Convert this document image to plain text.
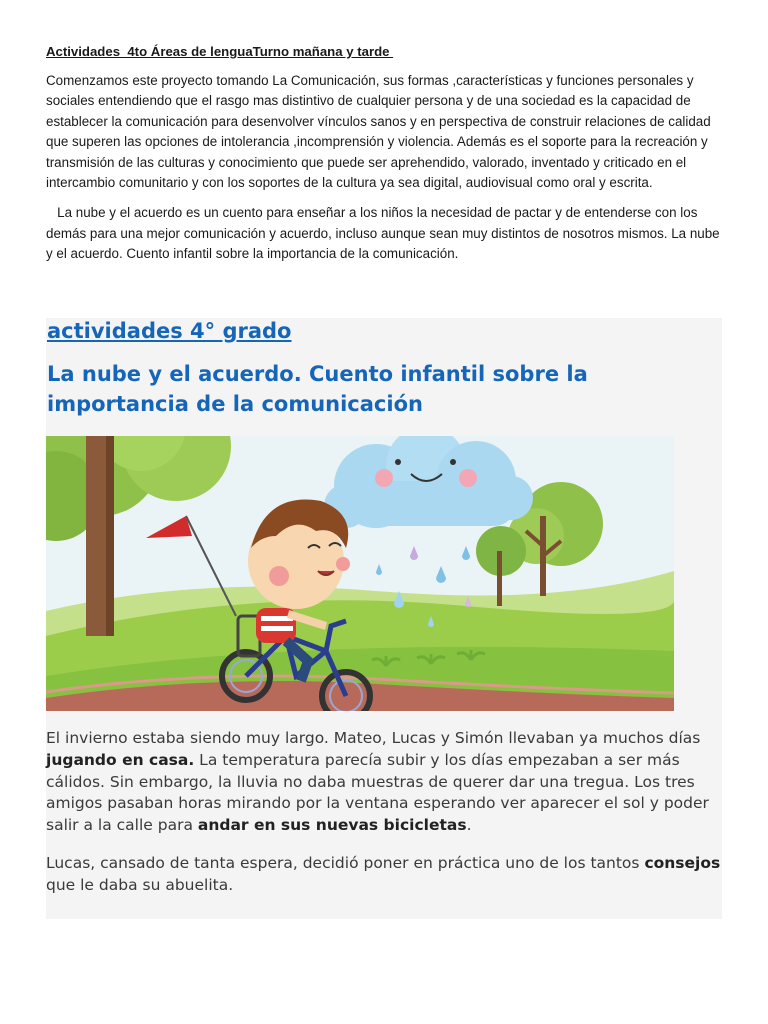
Actividades  4to Áreas de lenguaTurno mañana y tarde

Comenzamos este proyecto tomando La Comunicación, sus formas ,características y funciones personales y sociales entendiendo que el rasgo mas distintivo de cualquier persona y de una sociedad es la capacidad de establecer la comunicación para desenvolver vínculos sanos y en perspectiva de construir relaciones de calidad que superen las opciones de intolerancia ,incomprensión y violencia. Además es el soporte para la recreación y transmisión de las culturas y conocimiento que puede ser aprehendido, valorado, inventado y criticado en el intercambio comunitario y con los soportes de la cultura ya sea digital, audiovisual como oral y escrita.

La nube y el acuerdo es un cuento para enseñar a los niños la necesidad de pactar y de entenderse con los demás para una mejor comunicación y acuerdo, incluso aunque sean muy distintos de nosotros mismos. La nube y el acuerdo. Cuento infantil sobre la importancia de la comunicación.

actividades 4° grado
La nube y el acuerdo. Cuento infantil sobre la importancia de la comunicación

El invierno estaba siendo muy largo. Mateo, Lucas y Simón llevaban ya muchos días jugando en casa. La temperatura parecía subir y los días empezaban a ser más cálidos. Sin embargo, la lluvia no daba muestras de querer dar una tregua. Los tres amigos pasaban horas mirando por la ventana esperando ver aparecer el sol y poder salir a la calle para andar en sus nuevas bicicletas.

Lucas, cansado de tanta espera, decidió poner en práctica uno de los tantos consejos que le daba su abuelita.
